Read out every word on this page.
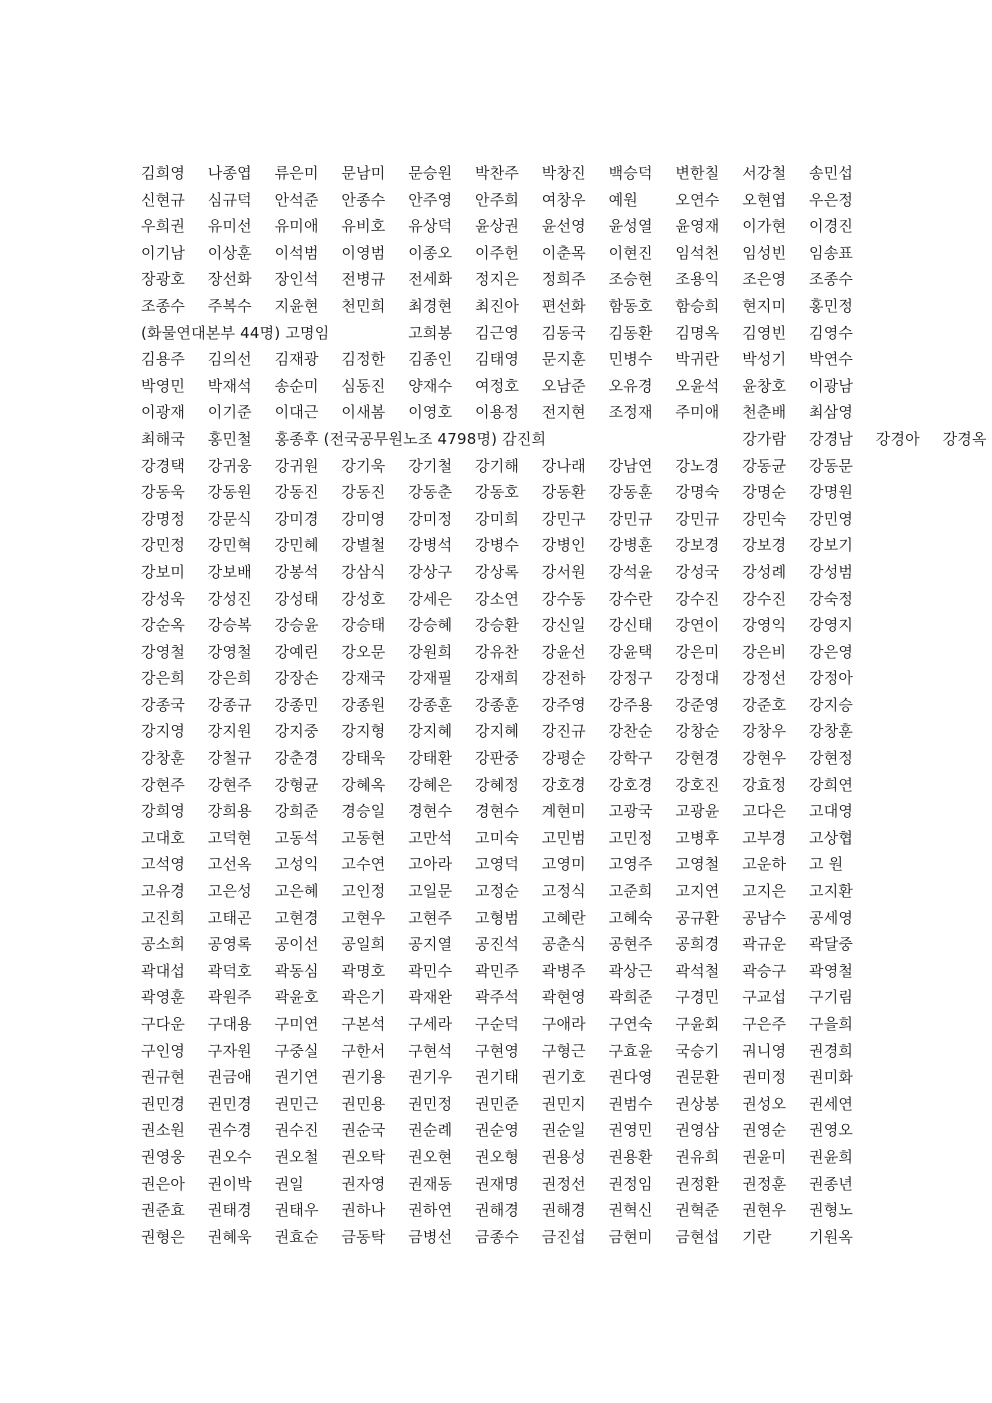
김희영 나종엽 류은미 문남미 문승원 박찬주 박창진 백승덕 변한칠 서강철 송민섭
신현규 심규덕 안석준 안종수 안주영 안주희 여창우 예원 오연수 오현엽 우은정
우희권 유미선 유미애 유비호 유상덕 윤상권 윤선영 윤성열 윤영재 이가현 이경진
이기남 이상훈 이석범 이영범 이종오 이주헌 이춘목 이현진 임석천 임성빈 임송표
장광호 장선화 장인석 전병규 전세화 정지은 정희주 조승현 조용익 조은영 조종수
조종수 주복수 지윤현 천민희 최경현 최진아 편선화 함동호 함승희 현지미 홍민정
(화물연대본부 44명) 고명임	고희봉 김근영 김동국 김동환 김명옥 김영빈 김영수
김용주 김의선 김재광 김정한 김종인 김태영 문지훈 민병수 박귀란 박성기 박연수
박영민 박재석 송순미 심동진 양재수 여정호 오남준 오유경 오윤석 윤창호 이광남
이광재 이기준 이대근 이새봄 이영호 이용정 전지현 조정재 주미애 천춘배 최삼영
최해국 홍민철 홍종후 (전국공무원노조 4798명) 감진희	강가람 강경남 강경아 강경옥
강경택 강귀웅 강귀원 강기욱 강기철 강기해 강나래 강남연 강노경 강동균 강동문
강동욱 강동원 강동진 강동진 강동춘 강동호 강동환 강동훈 강명숙 강명순 강명원
강명정 강문식 강미경 강미영 강미정 강미희 강민구 강민규 강민규 강민숙 강민영
강민정 강민혁 강민혜 강별철 강병석 강병수 강병인 강병훈 강보경 강보경 강보기
강보미 강보배 강봉석 강삼식 강상구 강상록 강서원 강석윤 강성국 강성례 강성범
강성욱 강성진 강성태 강성호 강세은 강소연 강수동 강수란 강수진 강수진 강숙정
강순옥 강승복 강승윤 강승태 강승혜 강승환 강신일 강신태 강연이 강영익 강영지
강영철 강영철 강예린 강오문 강원희 강유찬 강윤선 강윤택 강은미 강은비 강은영
강은희 강은희 강장손 강재국 강재필 강재희 강전하 강정구 강정대 강정선 강정아
강종국 강종규 강종민 강종원 강종훈 강종훈 강주영 강주용 강준영 강준호 강지승
강지영 강지원 강지중 강지형 강지혜 강지혜 강진규 강찬순 강창순 강창우 강창훈
강창훈 강철규 강춘경 강태욱 강태환 강판중 강평순 강학구 강현경 강현우 강현정
강현주 강현주 강형균 강혜옥 강혜은 강혜정 강호경 강호경 강호진 강효정 강희연
강희영 강희용 강희준 경승일 경현수 경현수 계현미 고광국 고광윤 고다은 고대영
고대호 고덕현 고동석 고동현 고만석 고미숙 고민범 고민정 고병후 고부경 고상협
고석영 고선옥 고성익 고수연 고아라 고영덕 고영미 고영주 고영철 고운하 고 원
고유경 고은성 고은혜 고인정 고일문 고정순 고정식 고준희 고지연 고지은 고지환
고진희 고태곤 고현경 고현우 고현주 고형범 고혜란 고혜숙 공규환 공남수 공세영
공소희 공영록 공이선 공일희 공지열 공진석 공춘식 공현주 공희경 곽규운 곽달중
곽대섭 곽덕호 곽동심 곽명호 곽민수 곽민주 곽병주 곽상근 곽석철 곽승구 곽영철
곽영훈 곽원주 곽윤호 곽은기 곽재완 곽주석 곽현영 곽희준 구경민 구교섭 구기림
구다운 구대용 구미연 구본석 구세라 구순덕 구애라 구연숙 구윤회 구은주 구을희
구인영 구자원 구중실 구한서 구현석 구현영 구형근 구효윤 국승기 궈니영 권경희
권규현 권금애 권기연 권기용 권기우 권기태 권기호 권다영 권문환 권미정 권미화
권민경 권민경 권민근 권민용 권민정 권민준 권민지 권범수 권상봉 권성오 권세연
권소원 권수경 권수진 권순국 권순례 권순영 권순일 권영민 권영삼 권영순 권영오
권영웅 권오수 권오철 권오탁 권오현 권오형 권용성 권용환 권유희 권윤미 권윤희
권은아 권이박 권일 권자영 권재동 권재명 권정선 권정임 권정환 권정훈 권종년
권준효 권태경 권태우 권하나 권하연 권해경 권해경 권혁신 권혁준 권현우 권형노
권형은 권혜욱 권효순 금동탁 금병선 금종수 금진섭 금현미 금현섭 기란 기원옥
